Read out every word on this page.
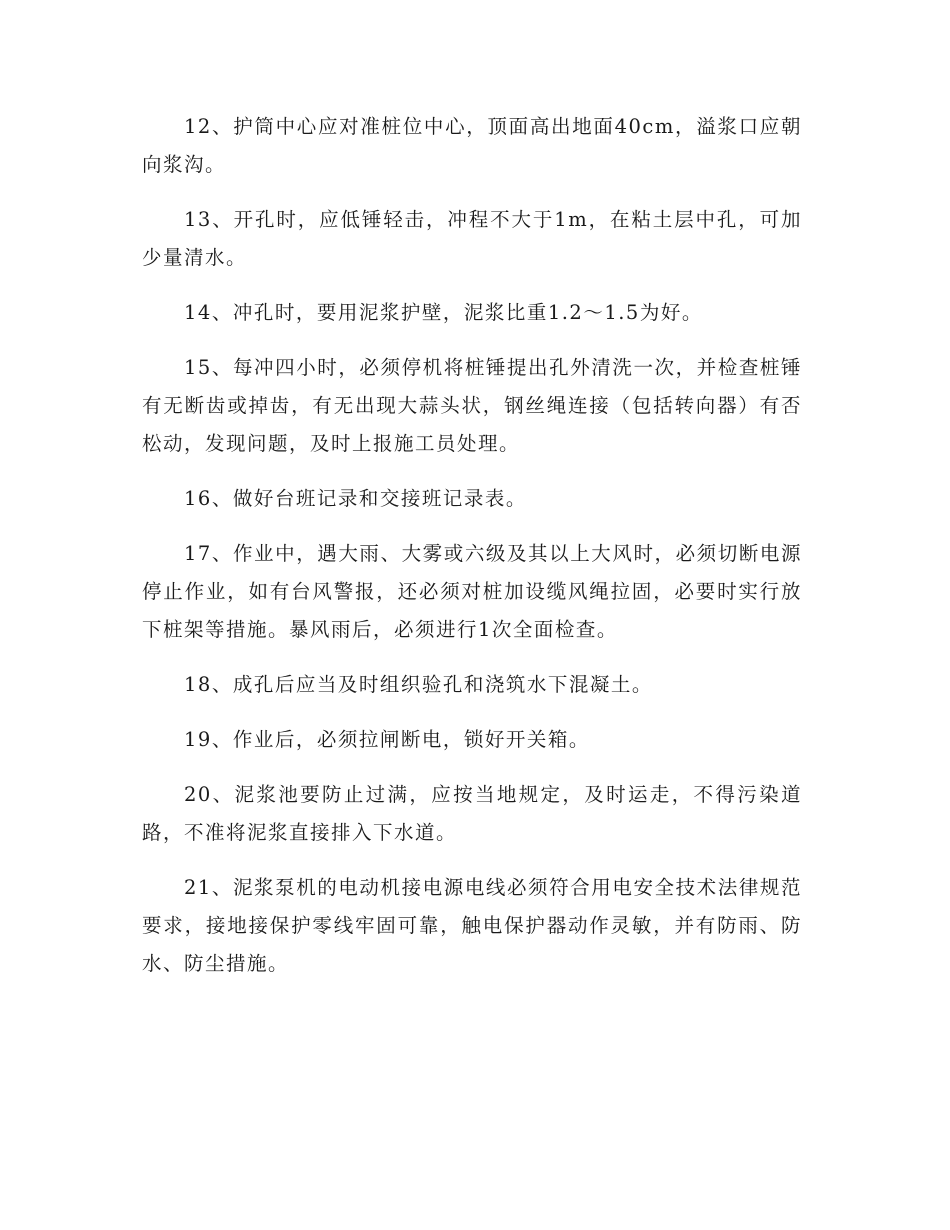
12、护筒中心应对准桩位中心，顶面高出地面40cm，溢浆口应朝向浆沟。

13、开孔时，应低锤轻击，冲程不大于1m，在粘土层中孔，可加少量清水。

14、冲孔时，要用泥浆护壁，泥浆比重1.2～1.5为好。

15、每冲四小时，必须停机将桩锤提出孔外清洗一次，并检查桩锤有无断齿或掉齿，有无出现大蒜头状，钢丝绳连接（包括转向器）有否松动，发现问题，及时上报施工员处理。

16、做好台班记录和交接班记录表。

17、作业中，遇大雨、大雾或六级及其以上大风时，必须切断电源停止作业，如有台风警报，还必须对桩加设缆风绳拉固，必要时实行放下桩架等措施。暴风雨后，必须进行1次全面检查。

18、成孔后应当及时组织验孔和浇筑水下混凝土。

19、作业后，必须拉闸断电，锁好开关箱。

20、泥浆池要防止过满，应按当地规定，及时运走，不得污染道路，不准将泥浆直接排入下水道。

21、泥浆泵机的电动机接电源电线必须符合用电安全技术法律规范要求，接地接保护零线牢固可靠，触电保护器动作灵敏，并有防雨、防水、防尘措施。
